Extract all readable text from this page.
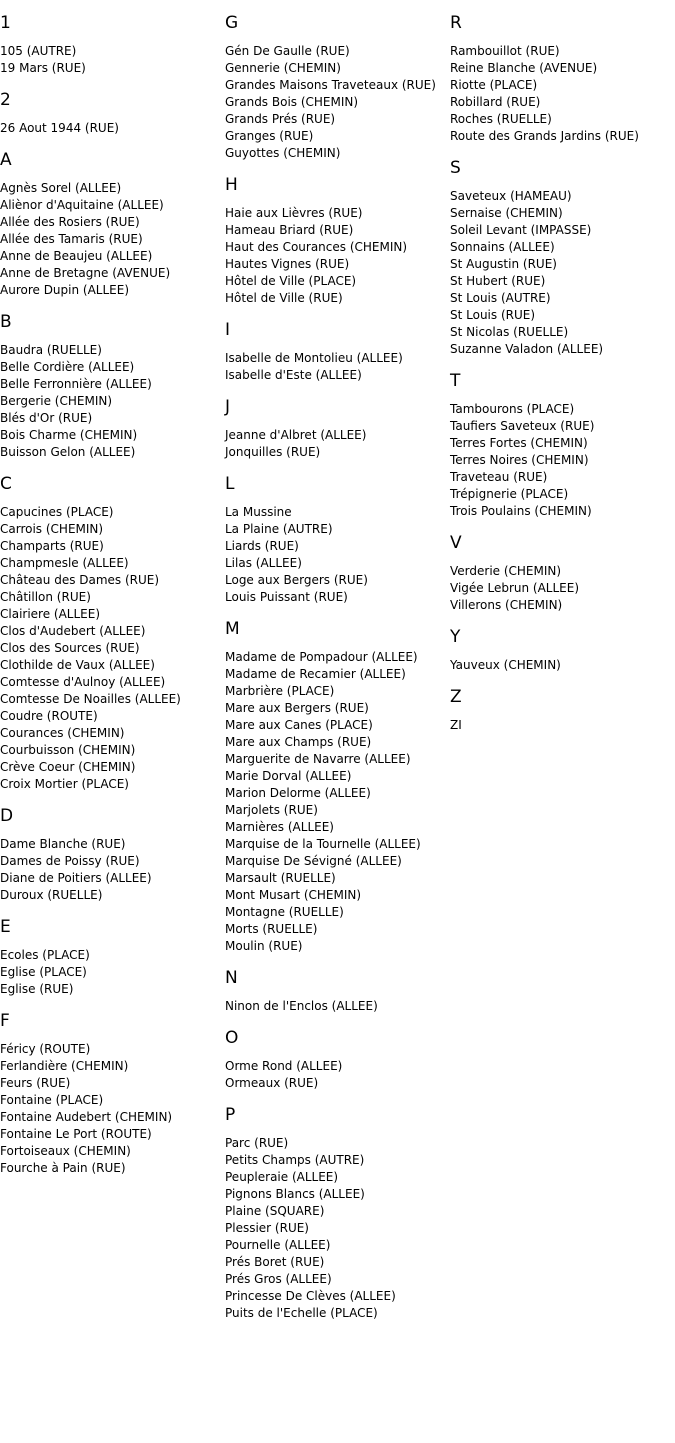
1
105 (AUTRE)
19 Mars (RUE)
2
26 Aout 1944 (RUE)
A
Agnès Sorel (ALLEE)
Aliènor d'Aquitaine (ALLEE)
Allée des Rosiers (RUE)
Allée des Tamaris (RUE)
Anne de Beaujeu (ALLEE)
Anne de Bretagne (AVENUE)
Aurore Dupin (ALLEE)
B
Baudra (RUELLE)
Belle Cordière (ALLEE)
Belle Ferronnière (ALLEE)
Bergerie (CHEMIN)
Blés d'Or (RUE)
Bois Charme (CHEMIN)
Buisson Gelon (ALLEE)
C
Capucines (PLACE)
Carrois (CHEMIN)
Champarts (RUE)
Champmesle (ALLEE)
Château des Dames (RUE)
Châtillon (RUE)
Clairiere (ALLEE)
Clos d'Audebert (ALLEE)
Clos des Sources (RUE)
Clothilde de Vaux (ALLEE)
Comtesse d'Aulnoy (ALLEE)
Comtesse De Noailles (ALLEE)
Coudre (ROUTE)
Courances (CHEMIN)
Courbuisson (CHEMIN)
Crève Coeur (CHEMIN)
Croix Mortier (PLACE)
D
Dame Blanche (RUE)
Dames de Poissy (RUE)
Diane de Poitiers (ALLEE)
Duroux (RUELLE)
E
Ecoles (PLACE)
Eglise (PLACE)
Eglise (RUE)
F
Féricy (ROUTE)
Ferlandière (CHEMIN)
Feurs (RUE)
Fontaine (PLACE)
Fontaine Audebert (CHEMIN)
Fontaine Le Port (ROUTE)
Fortoiseaux (CHEMIN)
Fourche à Pain (RUE)
G
Gén De Gaulle (RUE)
Gennerie (CHEMIN)
Grandes Maisons Traveteaux (RUE)
Grands Bois (CHEMIN)
Grands Prés (RUE)
Granges (RUE)
Guyottes (CHEMIN)
H
Haie aux Lièvres (RUE)
Hameau Briard (RUE)
Haut des Courances (CHEMIN)
Hautes Vignes (RUE)
Hôtel de Ville (PLACE)
Hôtel de Ville (RUE)
I
Isabelle de Montolieu (ALLEE)
Isabelle d'Este (ALLEE)
J
Jeanne d'Albret (ALLEE)
Jonquilles (RUE)
L
La Mussine
La Plaine (AUTRE)
Liards (RUE)
Lilas (ALLEE)
Loge aux Bergers (RUE)
Louis Puissant (RUE)
M
Madame de Pompadour (ALLEE)
Madame de Recamier (ALLEE)
Marbrière (PLACE)
Mare aux Bergers (RUE)
Mare aux Canes (PLACE)
Mare aux Champs (RUE)
Marguerite de Navarre (ALLEE)
Marie Dorval (ALLEE)
Marion Delorme (ALLEE)
Marjolets (RUE)
Marnières (ALLEE)
Marquise de la Tournelle (ALLEE)
Marquise De Sévigné (ALLEE)
Marsault (RUELLE)
Mont Musart (CHEMIN)
Montagne (RUELLE)
Morts (RUELLE)
Moulin (RUE)
N
Ninon de l'Enclos (ALLEE)
O
Orme Rond (ALLEE)
Ormeaux (RUE)
P
Parc (RUE)
Petits Champs (AUTRE)
Peupleraie (ALLEE)
Pignons Blancs (ALLEE)
Plaine (SQUARE)
Plessier (RUE)
Pournelle (ALLEE)
Prés Boret (RUE)
Prés Gros (ALLEE)
Princesse De Clèves (ALLEE)
Puits de l'Echelle (PLACE)
R
Rambouillot (RUE)
Reine Blanche (AVENUE)
Riotte (PLACE)
Robillard (RUE)
Roches (RUELLE)
Route des Grands Jardins (RUE)
S
Saveteux (HAMEAU)
Sernaise (CHEMIN)
Soleil Levant (IMPASSE)
Sonnains (ALLEE)
St Augustin (RUE)
St Hubert (RUE)
St Louis (AUTRE)
St Louis (RUE)
St Nicolas (RUELLE)
Suzanne Valadon (ALLEE)
T
Tambourons (PLACE)
Taufiers Saveteux (RUE)
Terres Fortes (CHEMIN)
Terres Noires (CHEMIN)
Traveteau (RUE)
Trépignerie (PLACE)
Trois Poulains (CHEMIN)
V
Verderie (CHEMIN)
Vigée Lebrun (ALLEE)
Villerons (CHEMIN)
Y
Yauveux (CHEMIN)
Z
ZI
